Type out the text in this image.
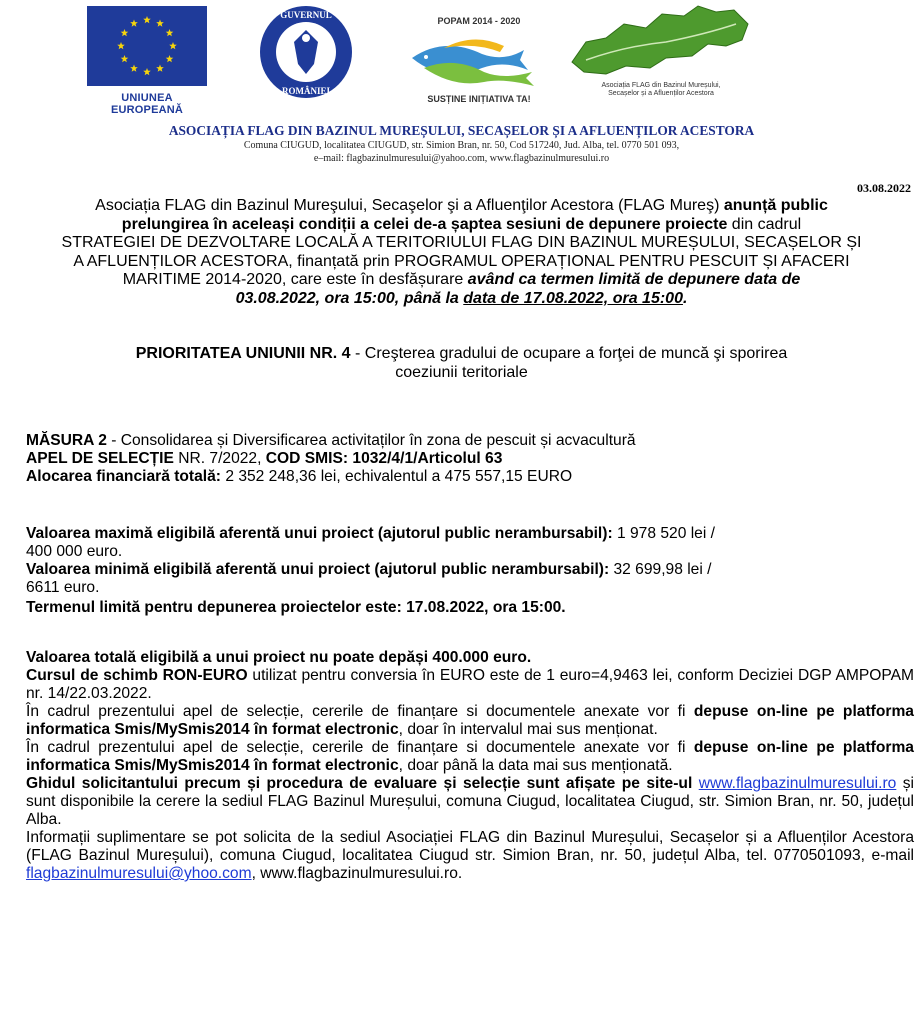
UNIUNEA EUROPEANĂ
GUVERNUL
ROMÂNIEI
POPAM 2014 - 2020
SUSȚINE INIȚIATIVA TA!
Asociația FLAG din Bazinul Mureșului,
Secașelor și a Afluenților Acestora
ASOCIAȚIA FLAG DIN BAZINUL MUREȘULUI, SECAȘELOR ȘI A AFLUENȚILOR ACESTORA
Comuna CIUGUD, localitatea CIUGUD, str. Simion Bran, nr. 50, Cod 517240, Jud. Alba, tel. 0770 501 093,
e–mail: flagbazinulmuresului@yahoo.com, www.flagbazinulmuresului.ro
03.08.2022
Asociația FLAG din Bazinul Mureşului, Secaşelor şi a Afluenţilor Acestora (FLAG Mureş) anunță public
prelungirea în aceleași condiții a celei de-a șaptea sesiuni de depunere proiecte din cadrul
STRATEGIEI DE DEZVOLTARE LOCALĂ A TERITORIULUI FLAG DIN BAZINUL MUREȘULUI, SECAȘELOR ȘI
A AFLUENȚILOR ACESTORA, finanțată prin PROGRAMUL OPERAȚIONAL PENTRU PESCUIT ȘI AFACERI
MARITIME 2014-2020, care este în desfășurare având ca termen limită de depunere data de
03.08.2022, ora 15:00, până la data de 17.08.2022, ora 15:00.
PRIORITATEA UNIUNII NR. 4 - Creşterea gradului de ocupare a forţei de muncă şi sporirea
coeziunii teritoriale
MĂSURA 2 - Consolidarea și Diversificarea activitaților în zona de pescuit și acvacultură
APEL DE SELECȚIE NR. 7/2022, COD SMIS: 1032/4/1/Articolul 63
Alocarea financiară totală: 2 352 248,36 lei, echivalentul a 475 557,15 EURO
Valoarea maximă eligibilă aferentă unui proiect (ajutorul public nerambursabil): 1 978 520 lei /
400 000 euro.
Valoarea minimă eligibilă aferentă unui proiect (ajutorul public nerambursabil): 32 699,98 lei /
6611 euro.
Termenul limită pentru depunerea proiectelor este: 17.08.2022, ora 15:00.
Valoarea totală eligibilă a unui proiect nu poate depăși 400.000 euro.
Cursul de schimb RON-EURO utilizat pentru conversia în EURO este de 1 euro=4,9463 lei, conform Deciziei DGP AMPOPAM nr. 14/22.03.2022.
În cadrul prezentului apel de selecție, cererile de finanțare si documentele anexate vor fi depuse on-line pe platforma informatica Smis/MySmis2014 în format electronic, doar în intervalul mai sus menționat.
În cadrul prezentului apel de selecție, cererile de finanțare si documentele anexate vor fi depuse on-line pe platforma informatica Smis/MySmis2014 în format electronic, doar până la data mai sus menționată.
Ghidul solicitantului precum și procedura de evaluare și selecție sunt afișate pe site-ul www.flagbazinulmuresului.ro și sunt disponibile la cerere la sediul FLAG Bazinul Mureșului, comuna Ciugud, localitatea Ciugud, str. Simion Bran, nr. 50, județul Alba.
Informații suplimentare se pot solicita de la sediul Asociației FLAG din Bazinul Mureșului, Secașelor și a Afluenților Acestora (FLAG Bazinul Mureșului), comuna Ciugud, localitatea Ciugud str. Simion Bran, nr. 50, județul Alba, tel. 0770501093, e-mail flagbazinulmuresului@yhoo.com, www.flagbazinulmuresului.ro.
